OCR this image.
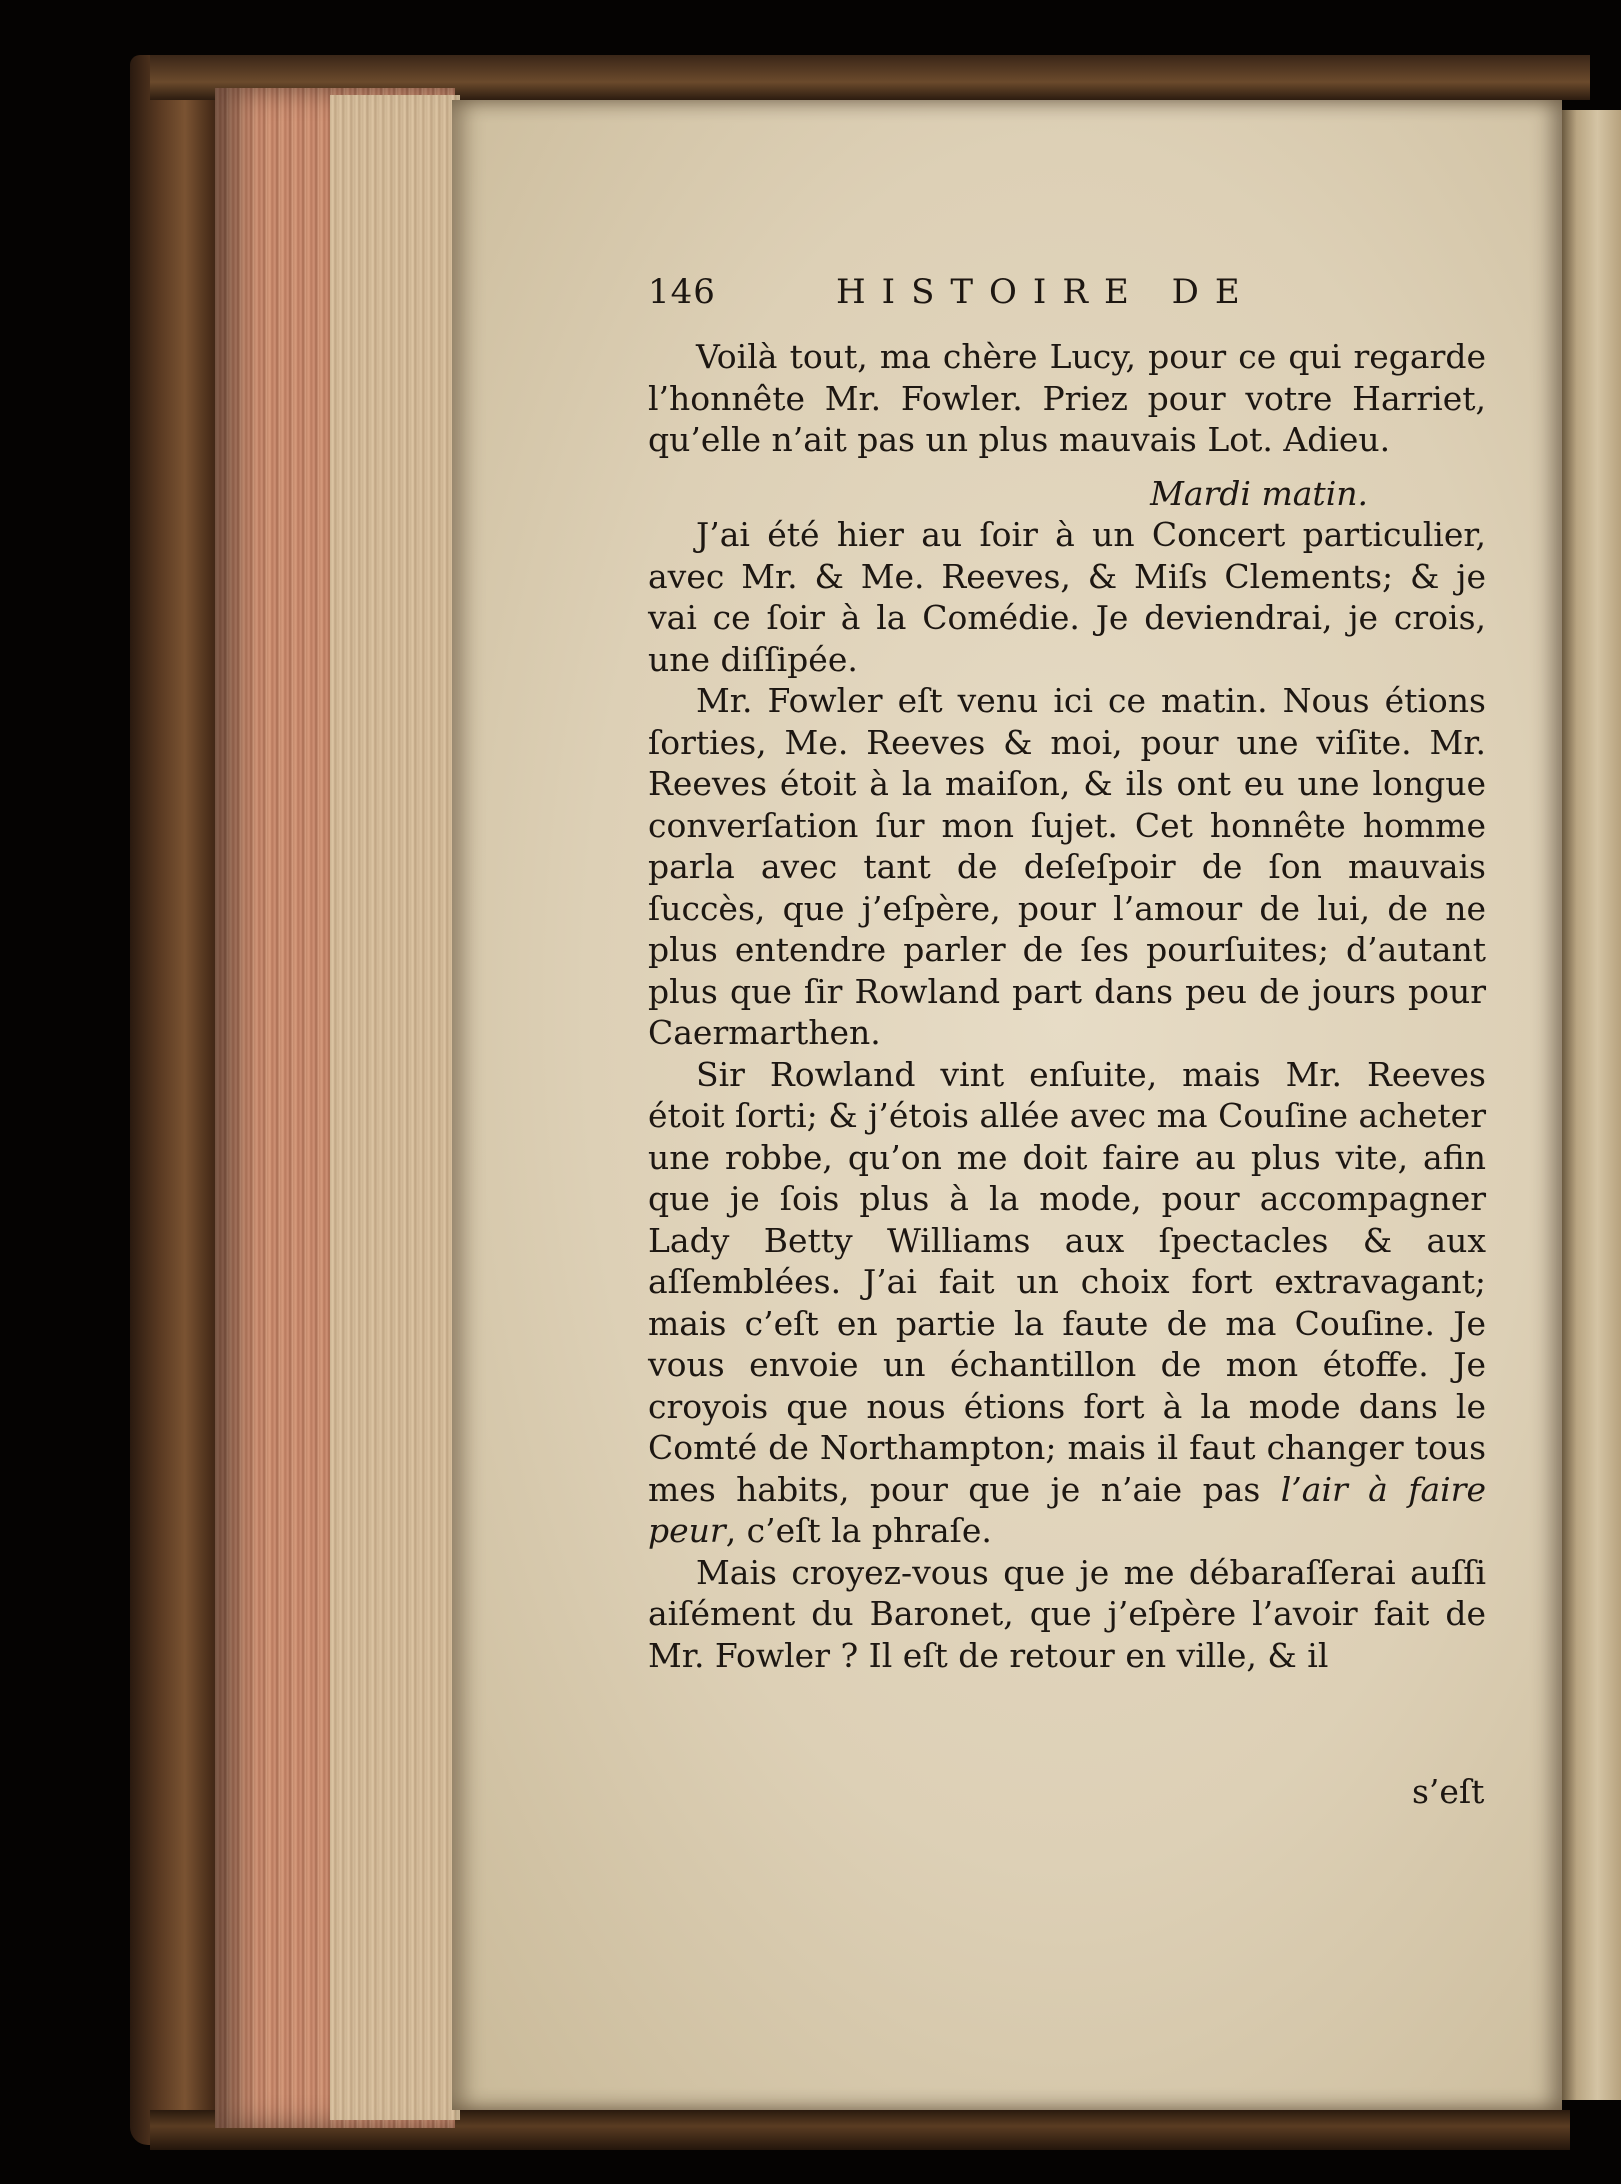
146	HISTOIRE DE

Voilà tout, ma chère Lucy, pour ce qui regarde l’honnête Mr. Fowler. Priez pour votre Harriet, qu’elle n’ait pas un plus mauvais Lot. Adieu.

Mardi matin.

J’ai été hier au ſoir à un Concert particulier, avec Mr. & Me. Reeves, & Miſs Clements; & je vai ce ſoir à la Comédie. Je deviendrai, je crois, une diſſipée.

Mr. Fowler eſt venu ici ce matin. Nous étions ſorties, Me. Reeves & moi, pour une viſite. Mr. Reeves étoit à la maiſon, & ils ont eu une longue converſation ſur mon ſujet. Cet honnête homme parla avec tant de deſeſpoir de ſon mauvais ſuccès, que j’eſpère, pour l’amour de lui, de ne plus entendre parler de ſes pourſuites; d’autant plus que ſir Rowland part dans peu de jours pour Caermarthen.

Sir Rowland vint enſuite, mais Mr. Reeves étoit ſorti; & j’étois allée avec ma Couſine acheter une robbe, qu’on me doit faire au plus vite, afin que je ſois plus à la mode, pour accompagner Lady Betty Williams aux ſpectacles & aux aſſemblées. J’ai fait un choix fort extravagant; mais c’eſt en partie la faute de ma Couſine. Je vous envoie un échantillon de mon étoffe. Je croyois que nous étions fort à la mode dans le Comté de Northampton; mais il faut changer tous mes habits, pour que je n’aie pas l’air à faire peur, c’eſt la phraſe.

Mais croyez-vous que je me débaraſſerai auſſi aiſément du Baronet, que j’eſpère l’avoir fait de Mr. Fowler ? Il eſt de retour en ville, & il

s’eſt
